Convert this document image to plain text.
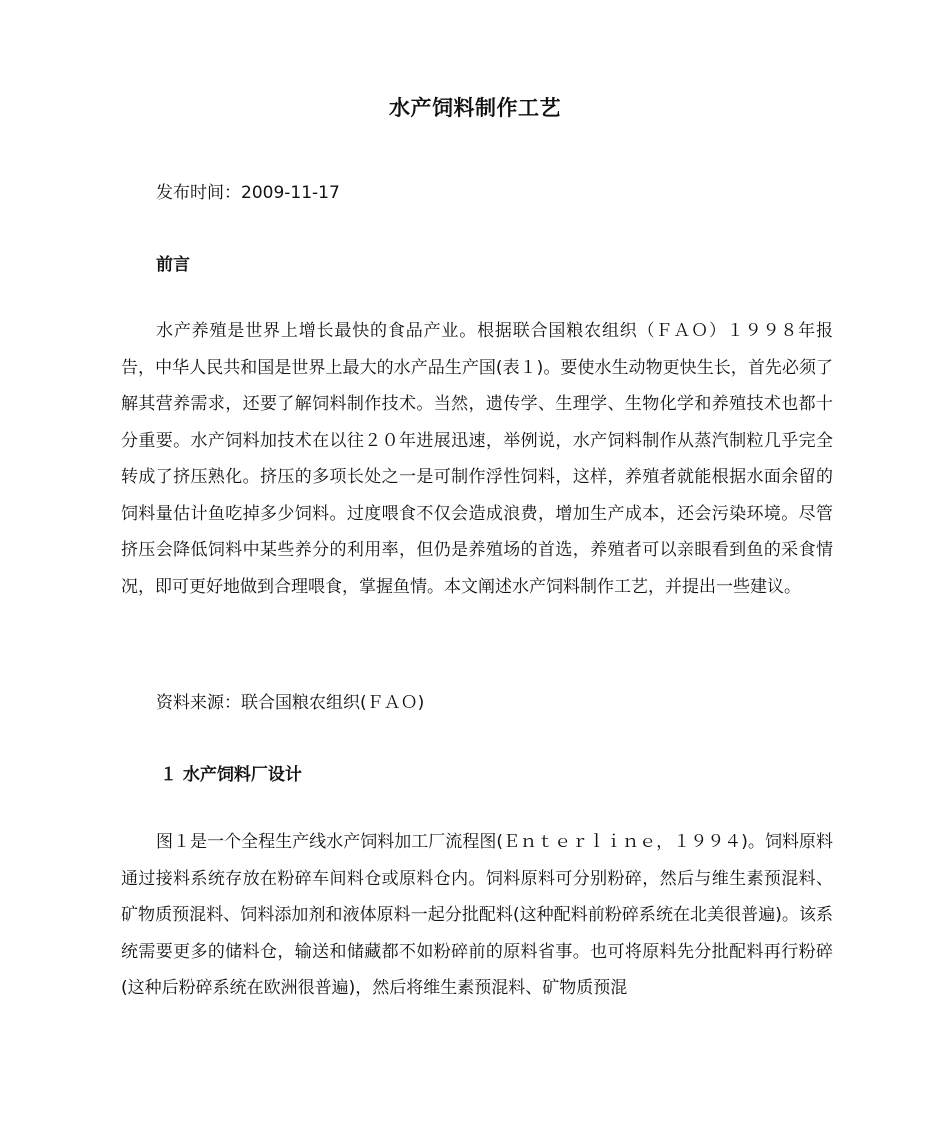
水产饲料制作工艺
发布时间：2009-11-17
前言
水产养殖是世界上增长最快的食品产业。根据联合国粮农组织（ＦＡＯ）１９９８年报告，中华人民共和国是世界上最大的水产品生产国(表１)。要使水生动物更快生长，首先必须了解其营养需求，还要了解饲料制作技术。当然，遗传学、生理学、生物化学和养殖技术也都十分重要。水产饲料加技术在以往２０年进展迅速，举例说，水产饲料制作从蒸汽制粒几乎完全转成了挤压熟化。挤压的多项长处之一是可制作浮性饲料，这样，养殖者就能根据水面余留的饲料量估计鱼吃掉多少饲料。过度喂食不仅会造成浪费，增加生产成本，还会污染环境。尽管挤压会降低饲料中某些养分的利用率，但仍是养殖场的首选，养殖者可以亲眼看到鱼的采食情况，即可更好地做到合理喂食，掌握鱼情。本文阐述水产饲料制作工艺，并提出一些建议。
资料来源：联合国粮农组织(ＦＡＯ)
１ 水产饲料厂设计
图１是一个全程生产线水产饲料加工厂流程图(Ｅｎｔｅｒｌｉｎｅ，１９９４)。饲料原料通过接料系统存放在粉碎车间料仓或原料仓内。饲料原料可分别粉碎，然后与维生素预混料、矿物质预混料、饲料添加剂和液体原料一起分批配料(这种配料前粉碎系统在北美很普遍)。该系统需要更多的储料仓，输送和储藏都不如粉碎前的原料省事。也可将原料先分批配料再行粉碎(这种后粉碎系统在欧洲很普遍)，然后将维生素预混料、矿物质预混
